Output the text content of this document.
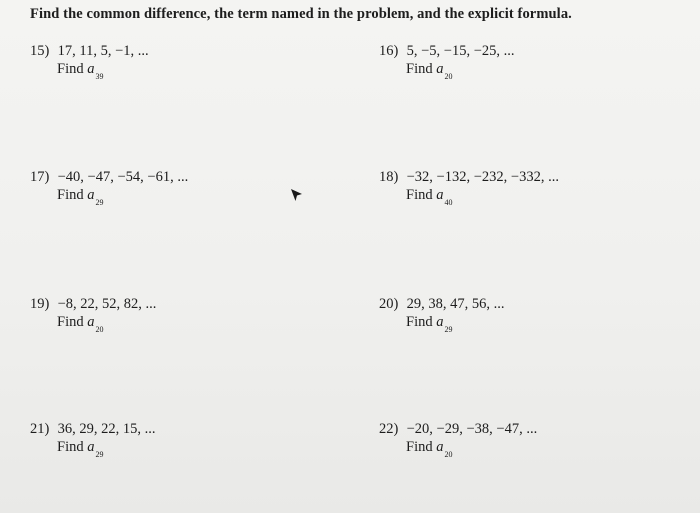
Find the common difference, the term named in the problem, and the explicit formula.
15) 17, 11, 5, −1, ...
Find $a_{39}$
16) 5, −5, −15, −25, ...
Find $a_{20}$
17) −40, −47, −54, −61, ...
Find $a_{29}$
18) −32, −132, −232, −332, ...
Find $a_{40}$
19) −8, 22, 52, 82, ...
Find $a_{20}$
20) 29, 38, 47, 56, ...
Find $a_{29}$
21) 36, 29, 22, 15, ...
Find $a_{29}$
22) −20, −29, −38, −47, ...
Find $a_{20}$
